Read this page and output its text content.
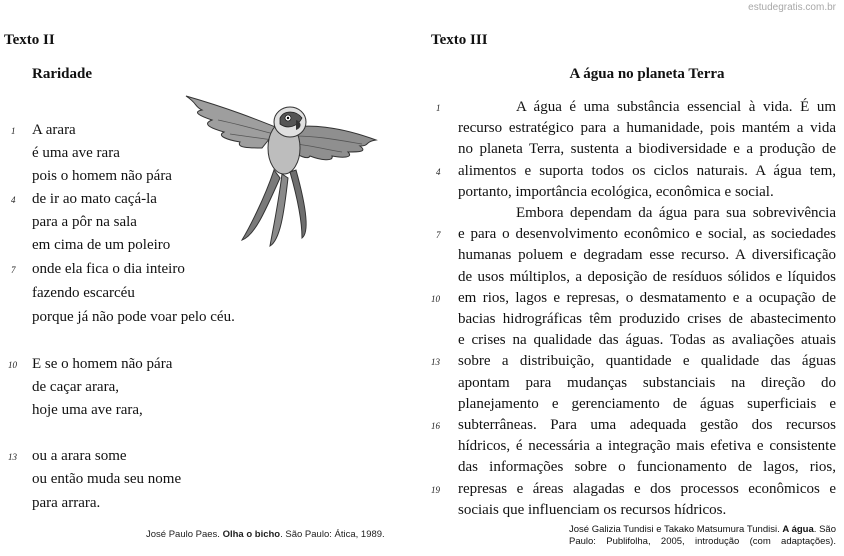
estudegratis.com.br
Texto II
Raridade
A arara
é uma ave rara
pois o homem não pára
de ir ao mato caçá-la
para a pôr na sala
em cima de um poleiro
onde ela fica o dia inteiro
fazendo escarcéu
porque já não pode voar pelo céu.
E se o homem não pára
de caçar arara,
hoje uma ave rara,
ou a arara some
ou então muda seu nome
para arrara.
1
4
7
10
13
José Paulo Paes. Olha o bicho. São Paulo: Ática, 1989.
Texto III
A água no planeta Terra
A água é uma substância essencial à vida. É um
recurso estratégico para a humanidade, pois mantém a vida
no planeta Terra, sustenta a biodiversidade e a produção de
alimentos e suporta todos os ciclos naturais. A água tem,
portanto, importância ecológica, econômica e social.
Embora dependam da água para sua sobrevivência
e para o desenvolvimento econômico e social, as sociedades
humanas poluem e degradam esse recurso. A diversificação
de usos múltiplos, a deposição de resíduos sólidos e líquidos
em rios, lagos e represas, o desmatamento e a ocupação de
bacias hidrográficas têm produzido crises de abastecimento
e crises na qualidade das águas. Todas as avaliações atuais
sobre a distribuição, quantidade e qualidade das águas
apontam para mudanças substanciais na direção do
planejamento e gerenciamento de águas superficiais e
subterrâneas. Para uma adequada gestão dos recursos
hídricos, é necessária a integração mais efetiva e consistente
das informações sobre o funcionamento de lagos, rios,
represas e áreas alagadas e dos processos econômicos e
sociais que influenciam os recursos hídricos.
1
4
7
10
13
16
19
José Galizia Tundisi e Takako Matsumura Tundisi. A água. São
Paulo: Publifolha, 2005, introdução (com adaptações).
